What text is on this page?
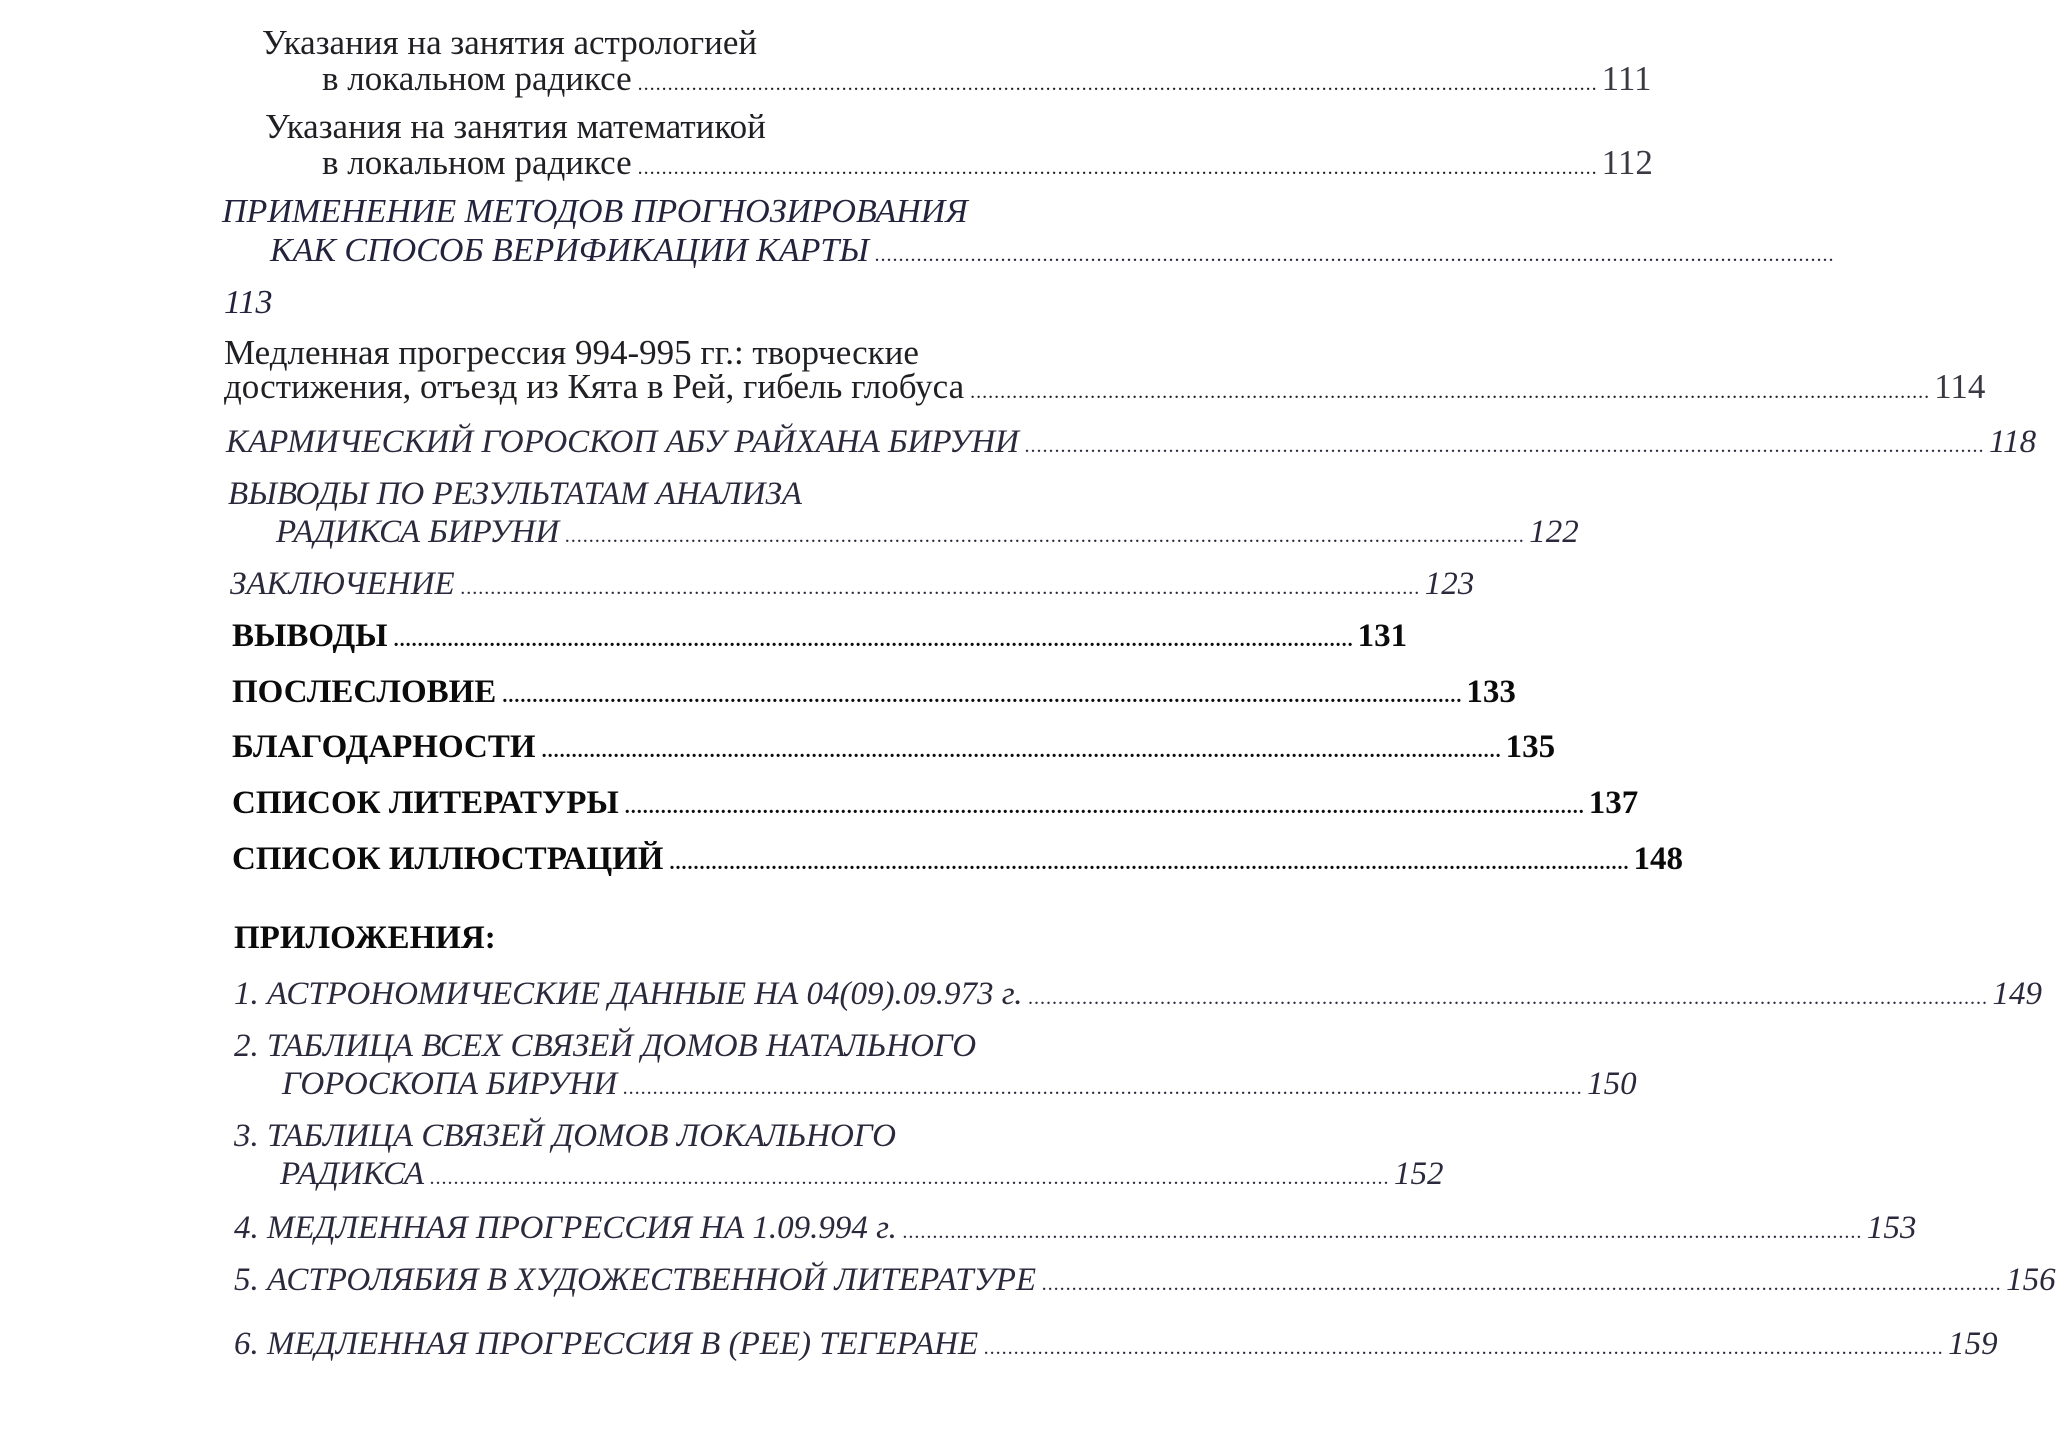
Указания на занятия астрологией
в локальном радиксе ................................................................................................................................................................ 111
Указания на занятия математикой
в локальном радиксе ................................................................................................................................................................ 112
ПРИМЕНЕНИЕ МЕТОДОВ ПРОГНОЗИРОВАНИЯ
КАК СПОСОБ ВЕРИФИКАЦИИ КАРТЫ ................................................................................................................................................................
113
Медленная прогрессия 994-995 гг.: творческие
достижения, отъезд из Кята в Рей, гибель глобуса ................................................................................................................................................................ 114
КАРМИЧЕСКИЙ ГОРОСКОП АБУ РАЙХАНА БИРУНИ ................................................................................................................................................................ 118
ВЫВОДЫ ПО РЕЗУЛЬТАТАМ АНАЛИЗА
РАДИКСА БИРУНИ ................................................................................................................................................................ 122
ЗАКЛЮЧЕНИЕ ................................................................................................................................................................ 123
ВЫВОДЫ ................................................................................................................................................................ 131
ПОСЛЕСЛОВИЕ ................................................................................................................................................................ 133
БЛАГОДАРНОСТИ ................................................................................................................................................................ 135
СПИСОК ЛИТЕРАТУРЫ ................................................................................................................................................................ 137
СПИСОК ИЛЛЮСТРАЦИЙ ................................................................................................................................................................ 148
ПРИЛОЖЕНИЯ:
1. АСТРОНОМИЧЕСКИЕ ДАННЫЕ НА 04(09).09.973 г. ................................................................................................................................................................ 149
2. ТАБЛИЦА ВСЕХ СВЯЗЕЙ ДОМОВ НАТАЛЬНОГО
ГОРОСКОПА БИРУНИ ................................................................................................................................................................ 150
3. ТАБЛИЦА СВЯЗЕЙ ДОМОВ ЛОКАЛЬНОГО
РАДИКСА ................................................................................................................................................................ 152
4. МЕДЛЕННАЯ ПРОГРЕССИЯ НА 1.09.994 г. ................................................................................................................................................................ 153
5. АСТРОЛЯБИЯ В ХУДОЖЕСТВЕННОЙ ЛИТЕРАТУРЕ ................................................................................................................................................................ 156
6. МЕДЛЕННАЯ ПРОГРЕССИЯ В (РЕЕ) ТЕГЕРАНЕ ................................................................................................................................................................ 159
